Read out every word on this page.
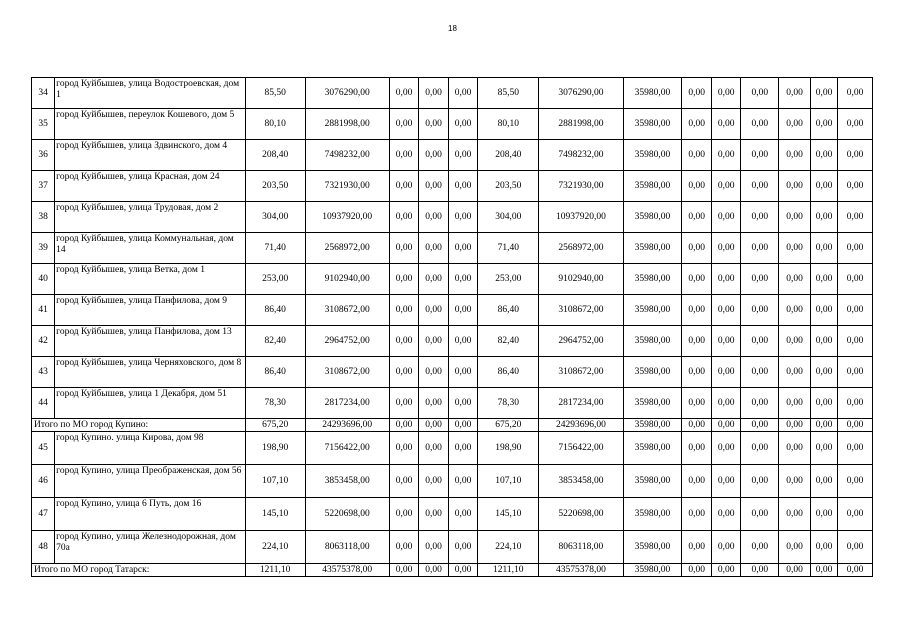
18
34	город Куйбышев, улица Водостроевская, дом 1	85,50	3076290,00	0,00	0,00	0,00	85,50	3076290,00	35980,00	0,00	0,00	0,00	0,00	0,00	0,00
35	город Куйбышев, переулок Кошевого, дом 5	80,10	2881998,00	0,00	0,00	0,00	80,10	2881998,00	35980,00	0,00	0,00	0,00	0,00	0,00	0,00
36	город Куйбышев, улица Здвинского, дом 4	208,40	7498232,00	0,00	0,00	0,00	208,40	7498232,00	35980,00	0,00	0,00	0,00	0,00	0,00	0,00
37	город Куйбышев, улица Красная, дом 24	203,50	7321930,00	0,00	0,00	0,00	203,50	7321930,00	35980,00	0,00	0,00	0,00	0,00	0,00	0,00
38	город Куйбышев, улица Трудовая, дом 2	304,00	10937920,00	0,00	0,00	0,00	304,00	10937920,00	35980,00	0,00	0,00	0,00	0,00	0,00	0,00
39	город Куйбышев, улица Коммунальная, дом 14	71,40	2568972,00	0,00	0,00	0,00	71,40	2568972,00	35980,00	0,00	0,00	0,00	0,00	0,00	0,00
40	город Куйбышев, улица Ветка, дом 1	253,00	9102940,00	0,00	0,00	0,00	253,00	9102940,00	35980,00	0,00	0,00	0,00	0,00	0,00	0,00
41	город Куйбышев, улица Панфилова, дом 9	86,40	3108672,00	0,00	0,00	0,00	86,40	3108672,00	35980,00	0,00	0,00	0,00	0,00	0,00	0,00
42	город Куйбышев, улица Панфилова, дом 13	82,40	2964752,00	0,00	0,00	0,00	82,40	2964752,00	35980,00	0,00	0,00	0,00	0,00	0,00	0,00
43	город Куйбышев, улица Черняховского, дом 8	86,40	3108672,00	0,00	0,00	0,00	86,40	3108672,00	35980,00	0,00	0,00	0,00	0,00	0,00	0,00
44	город Куйбышев, улица 1 Декабря, дом 51	78,30	2817234,00	0,00	0,00	0,00	78,30	2817234,00	35980,00	0,00	0,00	0,00	0,00	0,00	0,00
Итого по МО город Купино:		675,20	24293696,00	0,00	0,00	0,00	675,20	24293696,00	35980,00	0,00	0,00	0,00	0,00	0,00	0,00
45	город Купино. улица Кирова, дом 98	198,90	7156422,00	0,00	0,00	0,00	198,90	7156422,00	35980,00	0,00	0,00	0,00	0,00	0,00	0,00
46	город Купино, улица Преображенская, дом 56	107,10	3853458,00	0,00	0,00	0,00	107,10	3853458,00	35980,00	0,00	0,00	0,00	0,00	0,00	0,00
47	город Купино, улица 6 Путь, дом 16	145,10	5220698,00	0,00	0,00	0,00	145,10	5220698,00	35980,00	0,00	0,00	0,00	0,00	0,00	0,00
48	город Купино, улица Железнодорожная, дом 70а	224,10	8063118,00	0,00	0,00	0,00	224,10	8063118,00	35980,00	0,00	0,00	0,00	0,00	0,00	0,00
Итого по МО город Татарск:		1211,10	43575378,00	0,00	0,00	0,00	1211,10	43575378,00	35980,00	0,00	0,00	0,00	0,00	0,00	0,00
